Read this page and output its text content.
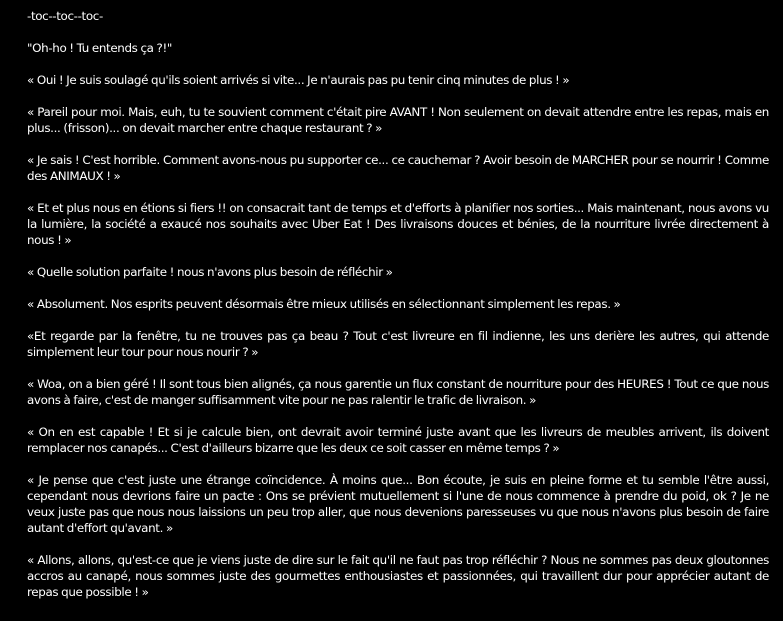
-toc--toc--toc-

"Oh-ho ! Tu entends ça ?!"

« Oui ! Je suis soulagé qu'ils soient arrivés si vite... Je n'aurais pas pu tenir cinq minutes de plus ! »

« Pareil pour moi. Mais, euh, tu te souvient comment c'était pire AVANT ! Non seulement on devait attendre entre les repas, mais en plus... (frisson)... on devait marcher entre chaque restaurant ? »

« Je sais ! C'est horrible. Comment avons-nous pu supporter ce... ce cauchemar ? Avoir besoin de MARCHER pour se nourrir ! Comme des ANIMAUX ! »

« Et et plus nous en étions si fiers !! on consacrait tant de temps et d'efforts à planifier nos sorties... Mais maintenant, nous avons vu la lumière, la société a exaucé nos souhaits avec Uber Eat ! Des livraisons douces et bénies, de la nourriture livrée directement à nous ! »

« Quelle solution parfaite ! nous n'avons plus besoin de réfléchir »

« Absolument. Nos esprits peuvent désormais être mieux utilisés en sélectionnant simplement les repas. »

«Et regarde par la fenêtre, tu ne trouves pas ça beau ? Tout c'est livreure en fil indienne, les uns derière les autres, qui attende simplement leur tour pour nous nourir ? »

« Woa, on a bien géré ! Il sont tous bien alignés, ça nous garentie un flux constant de nourriture pour des HEURES ! Tout ce que nous avons à faire, c'est de manger suffisamment vite pour ne pas ralentir le trafic de livraison. »

« On en est capable ! Et si je calcule bien, ont devrait avoir terminé juste avant que les livreurs de meubles arrivent, ils doivent remplacer nos canapés... C'est d'ailleurs bizarre que les deux ce soit casser en même temps ? »

« Je pense que c'est juste une étrange coïncidence. À moins que... Bon écoute, je suis en pleine forme et tu semble l'être aussi, cependant nous devrions faire un pacte : Ons se prévient mutuellement si l'une de nous commence à prendre du poid, ok ? Je ne veux juste pas que nous nous laissions un peu trop aller, que nous devenions paresseuses vu que nous n'avons plus besoin de faire autant d'effort qu'avant. »

« Allons, allons, qu'est-ce que je viens juste de dire sur le fait qu'il ne faut pas trop réfléchir ? Nous ne sommes pas deux gloutonnes accros au canapé, nous sommes juste des gourmettes enthousiastes et passionnées, qui travaillent dur pour apprécier autant de repas que possible ! »
